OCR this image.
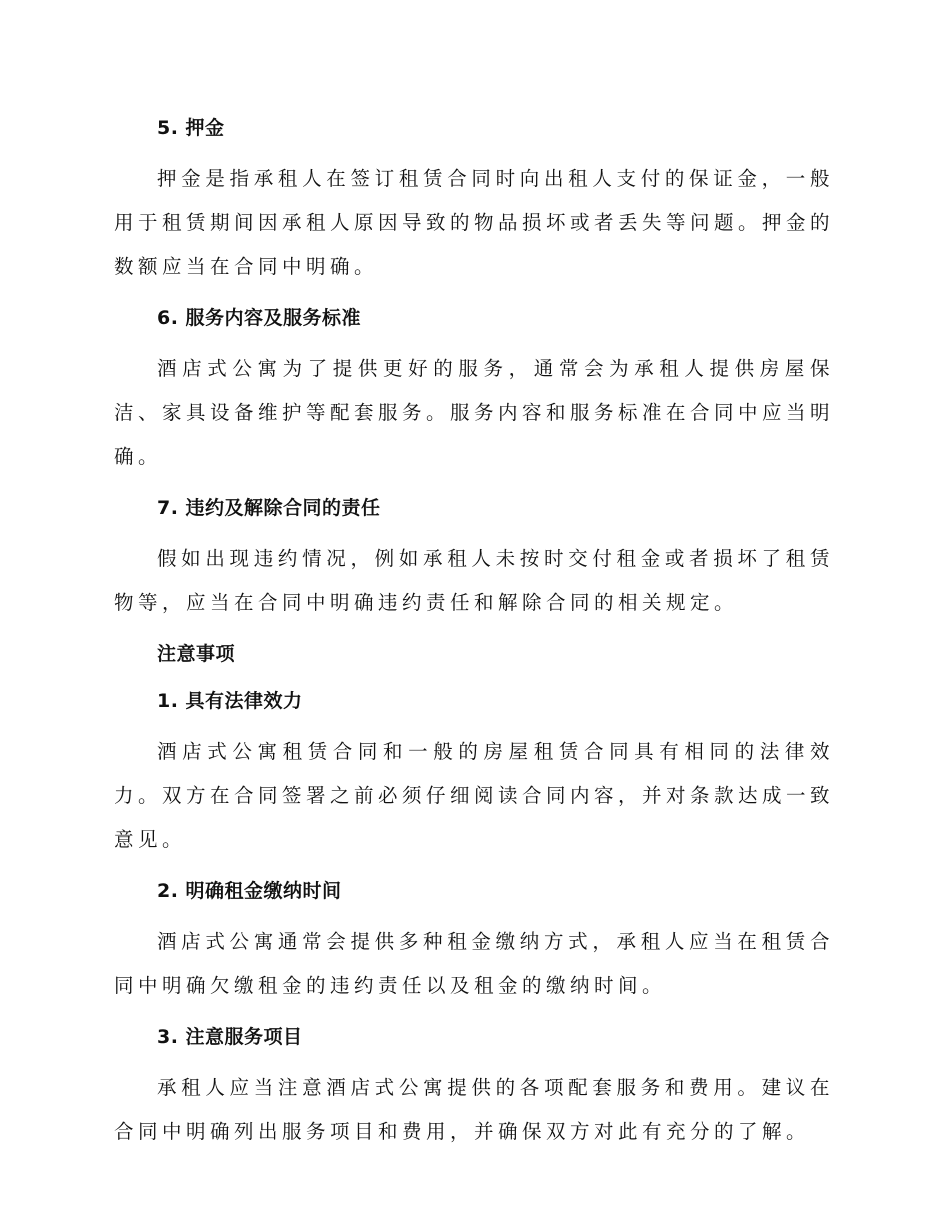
5. 押金

押金是指承租人在签订租赁合同时向出租人支付的保证金，一般用于租赁期间因承租人原因导致的物品损坏或者丢失等问题。押金的数额应当在合同中明确。

6. 服务内容及服务标准

酒店式公寓为了提供更好的服务，通常会为承租人提供房屋保洁、家具设备维护等配套服务。服务内容和服务标准在合同中应当明确。

7. 违约及解除合同的责任

假如出现违约情况，例如承租人未按时交付租金或者损坏了租赁物等，应当在合同中明确违约责任和解除合同的相关规定。

注意事项
1. 具有法律效力

酒店式公寓租赁合同和一般的房屋租赁合同具有相同的法律效力。双方在合同签署之前必须仔细阅读合同内容，并对条款达成一致意见。

2. 明确租金缴纳时间

酒店式公寓通常会提供多种租金缴纳方式，承租人应当在租赁合同中明确欠缴租金的违约责任以及租金的缴纳时间。

3. 注意服务项目

承租人应当注意酒店式公寓提供的各项配套服务和费用。建议在合同中明确列出服务项目和费用，并确保双方对此有充分的了解。
